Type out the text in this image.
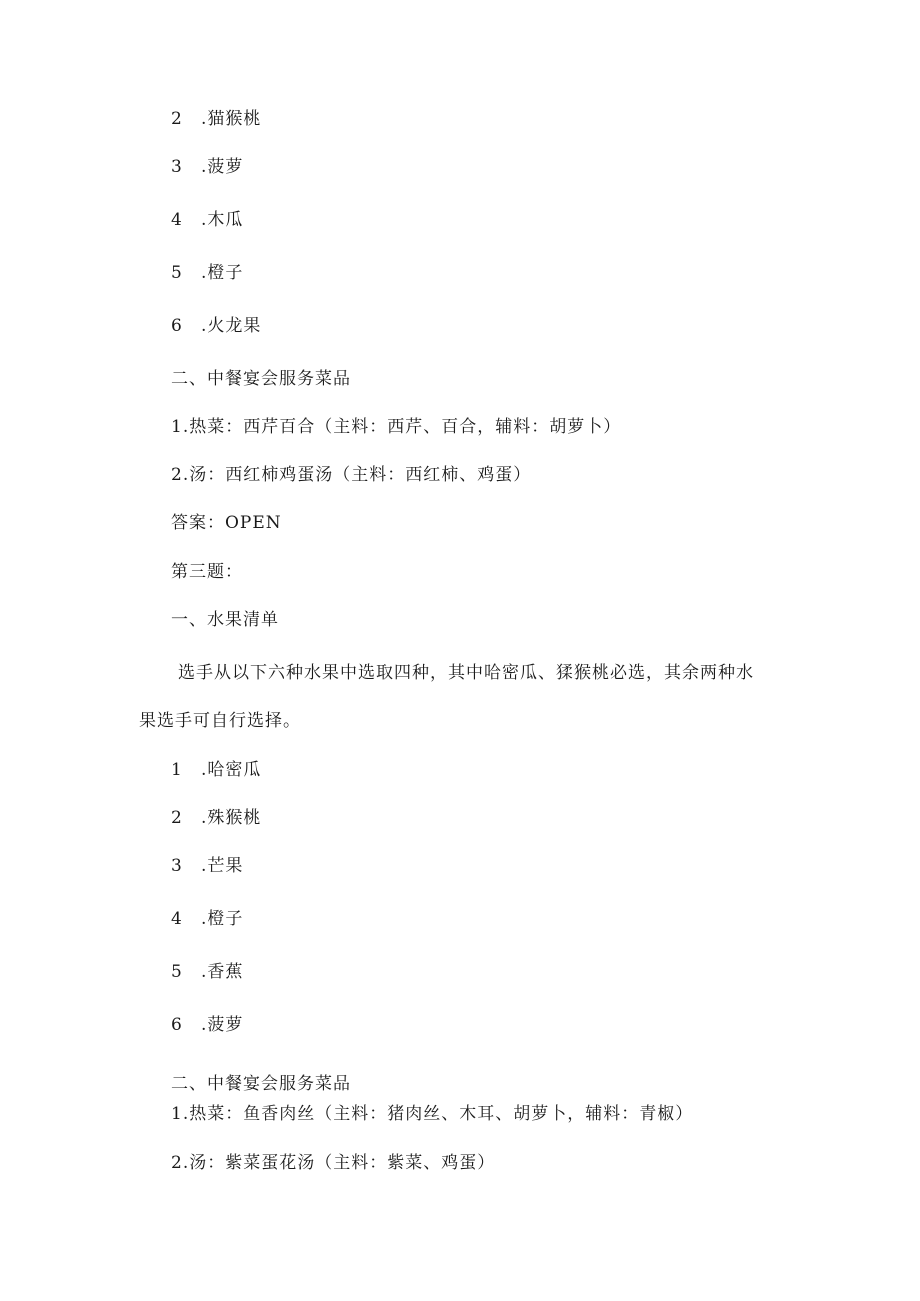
2 .猫猴桃
3 .菠萝
4 .木瓜
5 .橙子
6 .火龙果
二、中餐宴会服务菜品
1.热菜：西芹百合（主料：西芹、百合，辅料：胡萝卜）
2.汤：西红柿鸡蛋汤（主料：西红柿、鸡蛋）
答案：OPEN
第三题：
一、水果清单
选手从以下六种水果中选取四种，其中哈密瓜、猱猴桃必选，其余两种水
果选手可自行选择。
1 .哈密瓜
2 .殊猴桃
3 .芒果
4 .橙子
5 .香蕉
6 .菠萝
二、中餐宴会服务菜品
1.热菜：鱼香肉丝（主料：猪肉丝、木耳、胡萝卜，辅料：青椒）
2.汤：紫菜蛋花汤（主料：紫菜、鸡蛋）
